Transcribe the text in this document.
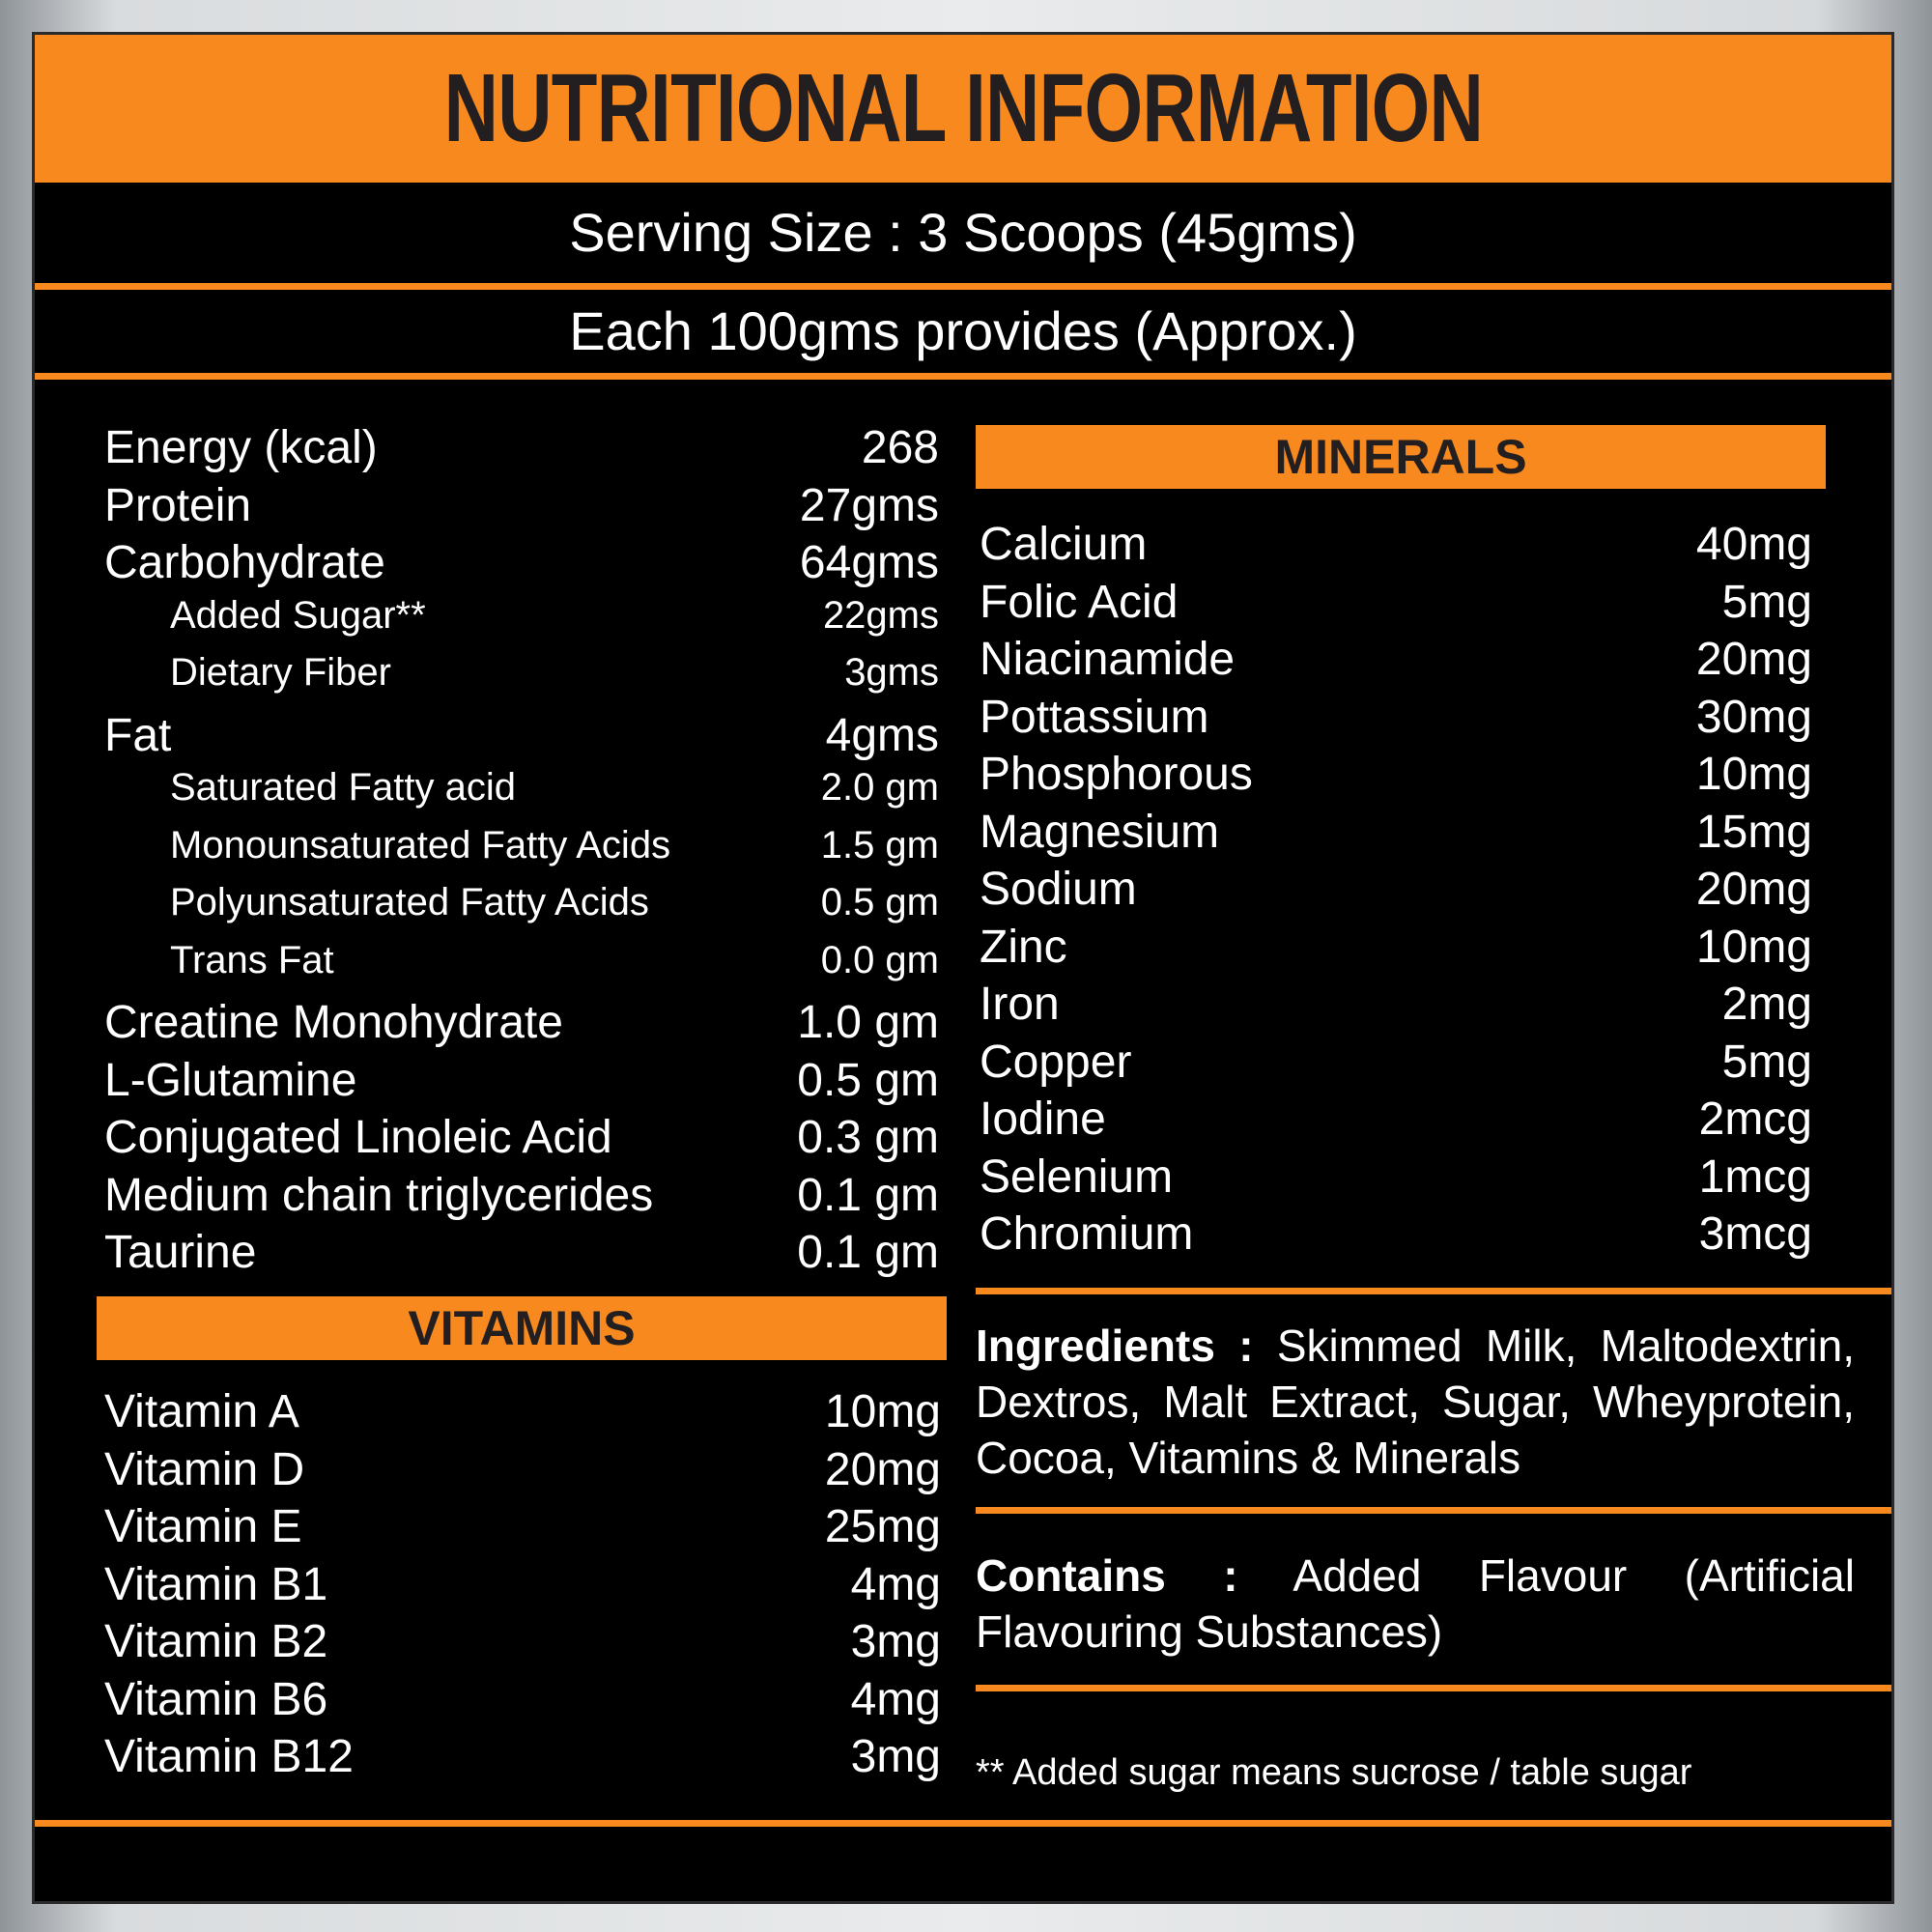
NUTRITIONAL INFORMATION
Serving Size : 3 Scoops (45gms)
Each 100gms provides (Approx.)
Energy (kcal)	268
Protein	27gms
Carbohydrate	64gms
Added Sugar**	22gms
Dietary Fiber	3gms
Fat	4gms
Saturated Fatty acid	2.0 gm
Monounsaturated Fatty Acids	1.5 gm
Polyunsaturated Fatty Acids	0.5 gm
Trans Fat	0.0 gm
Creatine Monohydrate	1.0 gm
L-Glutamine	0.5 gm
Conjugated Linoleic Acid	0.3 gm
Medium chain triglycerides	0.1 gm
Taurine	0.1 gm
VITAMINS
Vitamin A	10mg
Vitamin D	20mg
Vitamin E	25mg
Vitamin B1	4mg
Vitamin B2	3mg
Vitamin B6	4mg
Vitamin B12	3mg
MINERALS
Calcium	40mg
Folic Acid	5mg
Niacinamide	20mg
Pottassium	30mg
Phosphorous	10mg
Magnesium	15mg
Sodium	20mg
Zinc	10mg
Iron	2mg
Copper	5mg
Iodine	2mcg
Selenium	1mcg
Chromium	3mcg
Ingredients : Skimmed Milk, Maltodextrin, Dextros, Malt Extract, Sugar, Wheyprotein, Cocoa, Vitamins & Minerals
Contains : Added Flavour (Artificial Flavouring Substances)
** Added sugar means sucrose / table sugar
